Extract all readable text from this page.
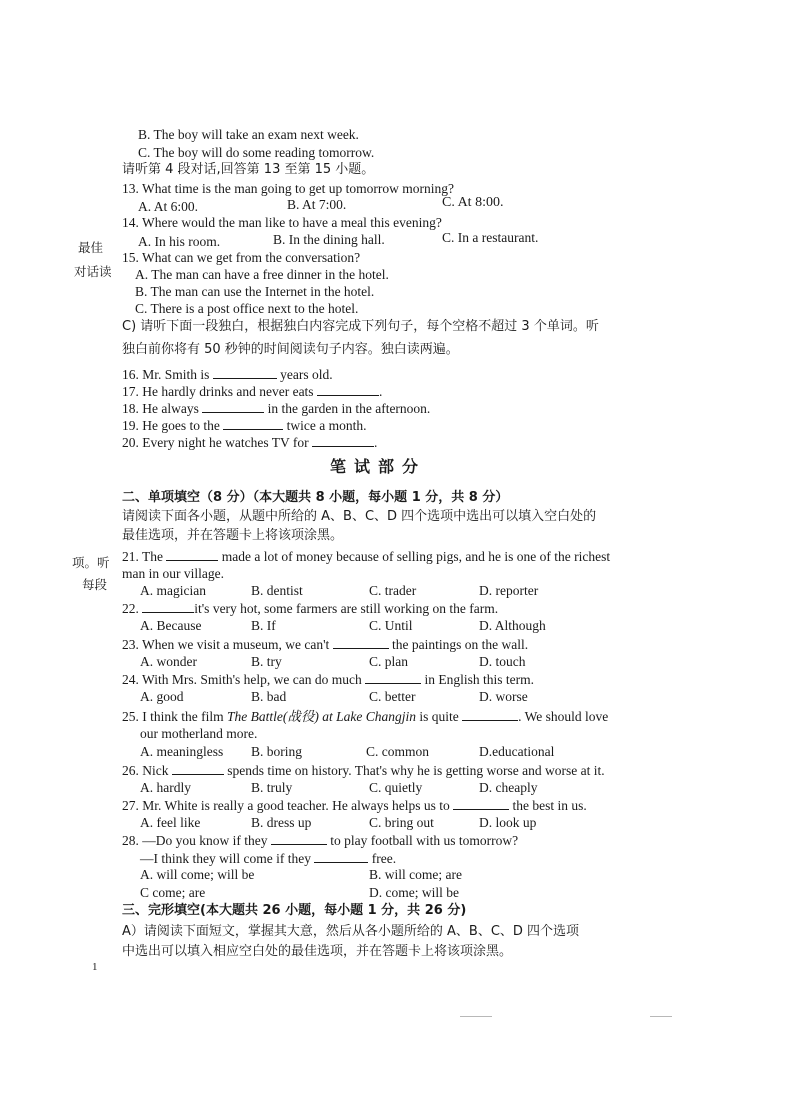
最佳
对话读
项。听
每段
B. The boy will take an exam next week.
C. The boy will do some reading tomorrow.
请听第 4 段对话,回答第 13 至第 15 小题。
13. What time is the man going to get up tomorrow morning?
A. At 6:00.	B. At 7:00.	C. At 8:00.
14. Where would the man like to have a meal this evening?
A. In his room.	B. In the dining hall.	C. In a restaurant.
15. What can we get from the conversation?
A. The man can have a free dinner in the hotel.
B. The man can use the Internet in the hotel.
C. There is a post office next to the hotel.
C) 请听下面一段独白，根据独白内容完成下列句子，每个空格不超过 3 个单词。听
独白前你将有 50 秒钟的时间阅读句子内容。独白读两遍。
16. Mr. Smith is	years old.
17. He hardly drinks and never eats	.
18. He always	in the garden in the afternoon.
19. He goes to the	twice a month.
20. Every night he watches TV for	.
笔试部分
二、单项填空（8 分）（本大题共 8 小题，每小题 1 分，共 8 分）
请阅读下面各小题，从题中所给的 A、B、C、D 四个选项中选出可以填入空白处的
最佳选项，并在答题卡上将该项涂黑。
21. The	made a lot of money because of selling pigs, and he is one of the richest
man in our village.
A. magician	B. dentist	C. trader	D. reporter
22.	it's very hot, some farmers are still working on the farm.
A. Because	B. If	C. Until	D. Although
23. When we visit a museum, we can't	the paintings on the wall.
A. wonder	B. try	C. plan	D. touch
24. With Mrs. Smith's help, we can do much	in English this term.
A. good	B. bad	C. better	D. worse
25. I think the film The Battle(战役) at Lake Changjin is quite	. We should love
our motherland more.
A. meaningless B. boring	C. common	D.educational
26. Nick	spends time on history. That's why he is getting worse and worse at it.
A. hardly	B. truly	C. quietly	D. cheaply
27. Mr. White is really a good teacher. He always helps us to	the best in us.
A. feel like	B. dress up	C. bring out	D. look up
28. —Do you know if they	to play football with us tomorrow?
—I think they will come if they	free.
A. will come; will be	B. will come; are
C come; are	D. come; will be
三、完形填空(本大题共 26 小题，每小题 1 分，共 26 分)
A）请阅读下面短文，掌握其大意，然后从各小题所给的 A、B、C、D 四个选项
中选出可以填入相应空白处的最佳选项，并在答题卡上将该项涂黑。
1
